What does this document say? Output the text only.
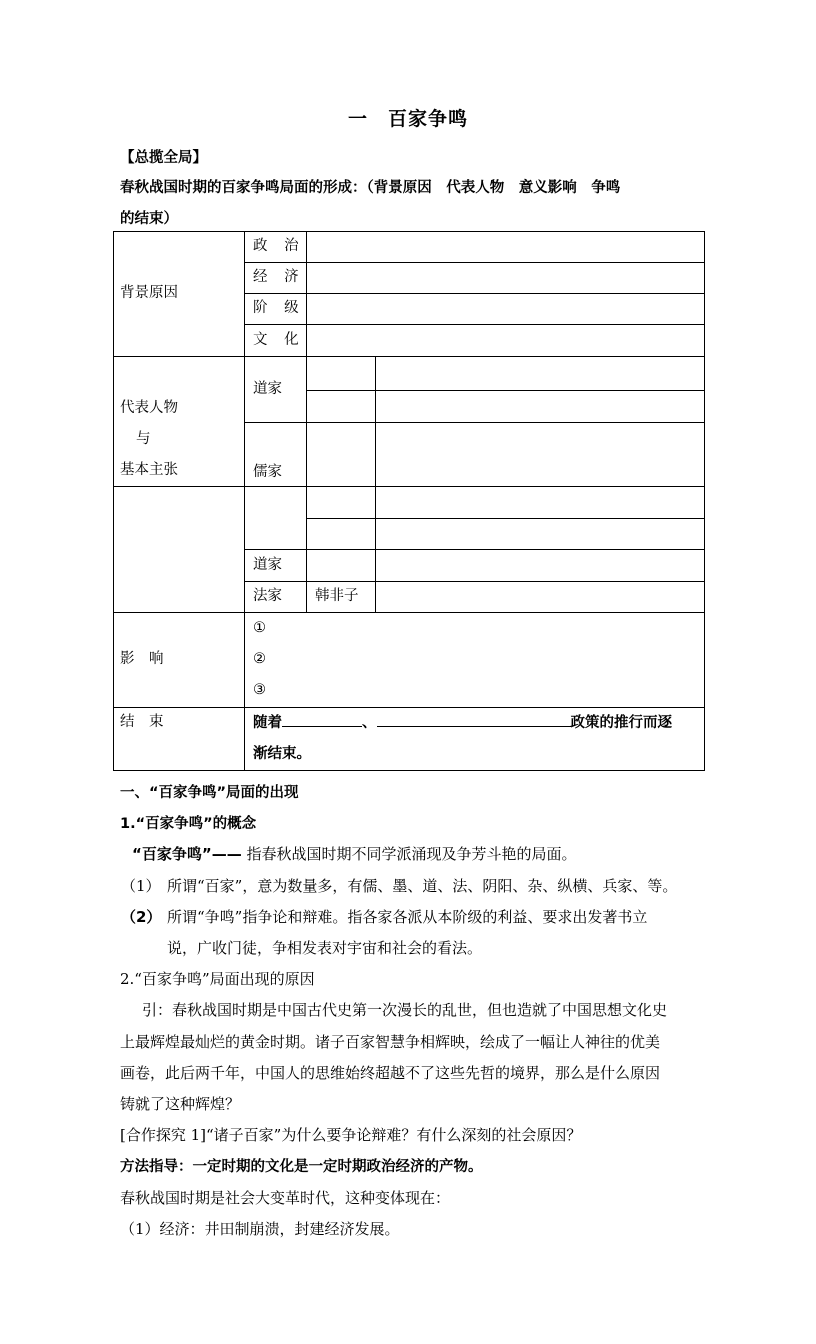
一　百家争鸣
【总揽全局】
春秋战国时期的百家争鸣局面的形成：（背景原因　代表人物　意义影响　争鸣
的结束）
背景原因	政 治		
	经 济		
	阶 级		
	文 化		

代表人物
与
基本主张	道家		

	儒家		

	道家		
	法家	韩非子	
影　响	①
②
③		

结　束	随着 、 政策的推行而逐
渐结束。		
一、“百家争鸣”局面的出现
1.“百家争鸣”的概念
“百家争鸣”—— 指春秋战国时期不同学派涌现及争芳斗艳的局面。
（1） 所谓“百家”，意为数量多，有儒、墨、道、法、阴阳、杂、纵横、兵家、等。
（2） 所谓“争鸣”指争论和辩难。指各家各派从本阶级的利益、要求出发著书立
说，广收门徒，争相发表对宇宙和社会的看法。
2.“百家争鸣”局面出现的原因
引：春秋战国时期是中国古代史第一次漫长的乱世，但也造就了中国思想文化史
上最辉煌最灿烂的黄金时期。诸子百家智慧争相辉映，绘成了一幅让人神往的优美
画卷，此后两千年，中国人的思维始终超越不了这些先哲的境界，那么是什么原因
铸就了这种辉煌？
[合作探究 1]“诸子百家”为什么要争论辩难？有什么深刻的社会原因？
方法指导：一定时期的文化是一定时期政治经济的产物。
春秋战国时期是社会大变革时代，这种变体现在：
（1）经济：井田制崩溃，封建经济发展。
